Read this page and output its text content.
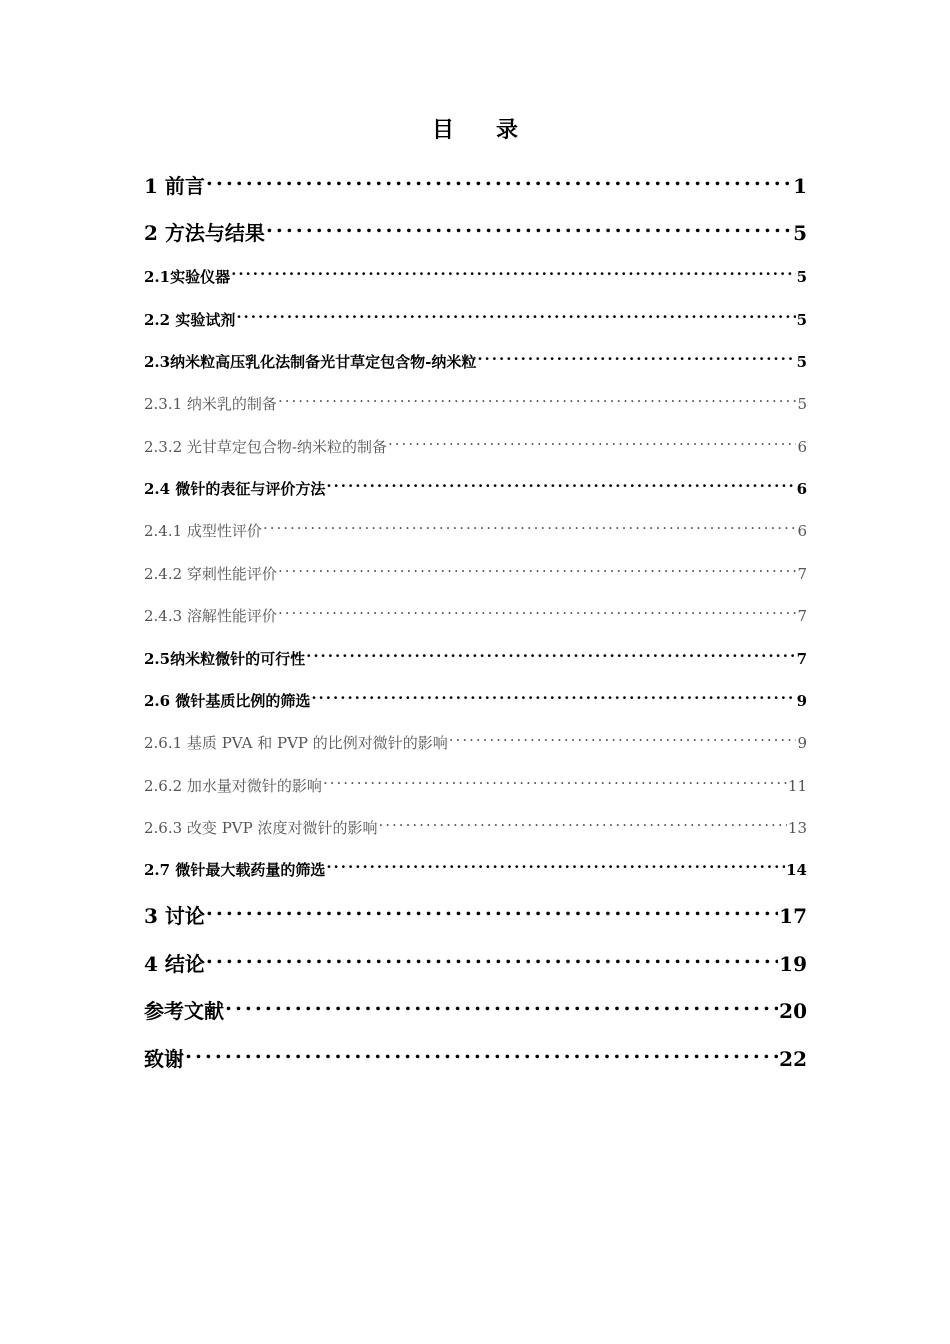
目 录
1 前言 .....	1
2 方法与结果 .....	5
2.1实验仪器 .....	5
2.2 实验试剂 .....	5
2.3纳米粒高压乳化法制备光甘草定包含物-纳米粒 .....	5
2.3.1 纳米乳的制备 .....	5
2.3.2 光甘草定包合物-纳米粒的制备 .....	6
2.4 微针的表征与评价方法 .....	6
2.4.1 成型性评价 .....	6
2.4.2 穿刺性能评价 .....	7
2.4.3 溶解性能评价 .....	7
2.5纳米粒微针的可行性 .....	7
2.6 微针基质比例的筛选 .....	9
2.6.1 基质 PVA 和 PVP 的比例对微针的影响 .....	9
2.6.2 加水量对微针的影响 .....	11
2.6.3 改变 PVP 浓度对微针的影响 .....	13
2.7 微针最大载药量的筛选 .....	14
3 讨论 .....	17
4 结论 .....	19
参考文献 .....	20
致谢 .....	22
